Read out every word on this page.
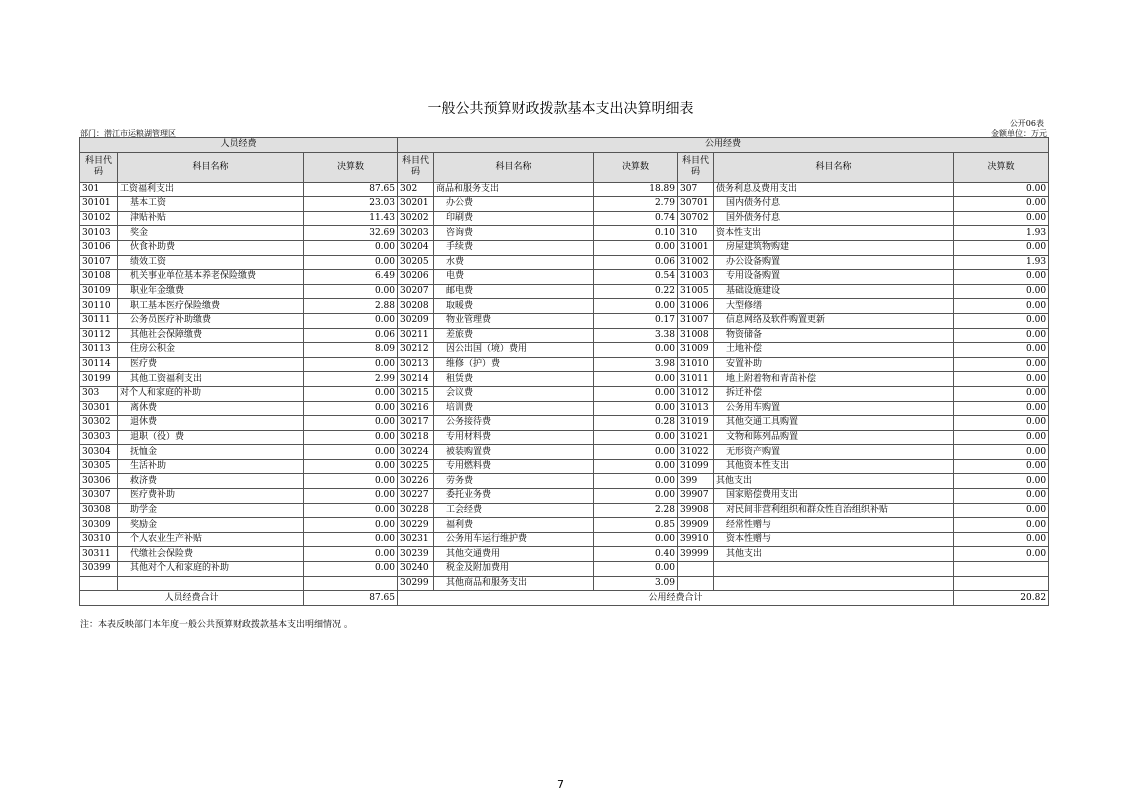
一般公共预算财政拨款基本支出决算明细表
公开06表
部门：潜江市运粮湖管理区	金额单位：万元
人员经费			公用经费					
科目代码	科目名称	决算数	科目代码	科目名称	决算数	科目代码	科目名称	决算数
301	工资福利支出	87.65	302	商品和服务支出	18.89	307	债务利息及费用支出	0.00
30101	基本工资	23.03	30201	办公费	2.79	30701	国内债务付息	0.00
30102	津贴补贴	11.43	30202	印刷费	0.74	30702	国外债务付息	0.00
30103	奖金	32.69	30203	咨询费	0.10	310	资本性支出	1.93
30106	伙食补助费	0.00	30204	手续费	0.00	31001	房屋建筑物购建	0.00
30107	绩效工资	0.00	30205	水费	0.06	31002	办公设备购置	1.93
30108	机关事业单位基本养老保险缴费	6.49	30206	电费	0.54	31003	专用设备购置	0.00
30109	职业年金缴费	0.00	30207	邮电费	0.22	31005	基础设施建设	0.00
30110	职工基本医疗保险缴费	2.88	30208	取暖费	0.00	31006	大型修缮	0.00
30111	公务员医疗补助缴费	0.00	30209	物业管理费	0.17	31007	信息网络及软件购置更新	0.00
30112	其他社会保障缴费	0.06	30211	差旅费	3.38	31008	物资储备	0.00
30113	住房公积金	8.09	30212	因公出国（境）费用	0.00	31009	土地补偿	0.00
30114	医疗费	0.00	30213	维修（护）费	3.98	31010	安置补助	0.00
30199	其他工资福利支出	2.99	30214	租赁费	0.00	31011	地上附着物和青苗补偿	0.00
303	对个人和家庭的补助	0.00	30215	会议费	0.00	31012	拆迁补偿	0.00
30301	离休费	0.00	30216	培训费	0.00	31013	公务用车购置	0.00
30302	退休费	0.00	30217	公务接待费	0.28	31019	其他交通工具购置	0.00
30303	退职（役）费	0.00	30218	专用材料费	0.00	31021	文物和陈列品购置	0.00
30304	抚恤金	0.00	30224	被装购置费	0.00	31022	无形资产购置	0.00
30305	生活补助	0.00	30225	专用燃料费	0.00	31099	其他资本性支出	0.00
30306	救济费	0.00	30226	劳务费	0.00	399	其他支出	0.00
30307	医疗费补助	0.00	30227	委托业务费	0.00	39907	国家赔偿费用支出	0.00
30308	助学金	0.00	30228	工会经费	2.28	39908	对民间非营利组织和群众性自治组织补贴	0.00
30309	奖励金	0.00	30229	福利费	0.85	39909	经常性赠与	0.00
30310	个人农业生产补贴	0.00	30231	公务用车运行维护费	0.00	39910	资本性赠与	0.00
30311	代缴社会保险费	0.00	30239	其他交通费用	0.40	39999	其他支出	0.00
30399	其他对个人和家庭的补助	0.00	30240	税金及附加费用	0.00			
			30299	其他商品和服务支出	3.09			
人员经费合计		87.65	公用经费合计					20.82
注：本表反映部门本年度一般公共预算财政拨款基本支出明细情况 。
7
